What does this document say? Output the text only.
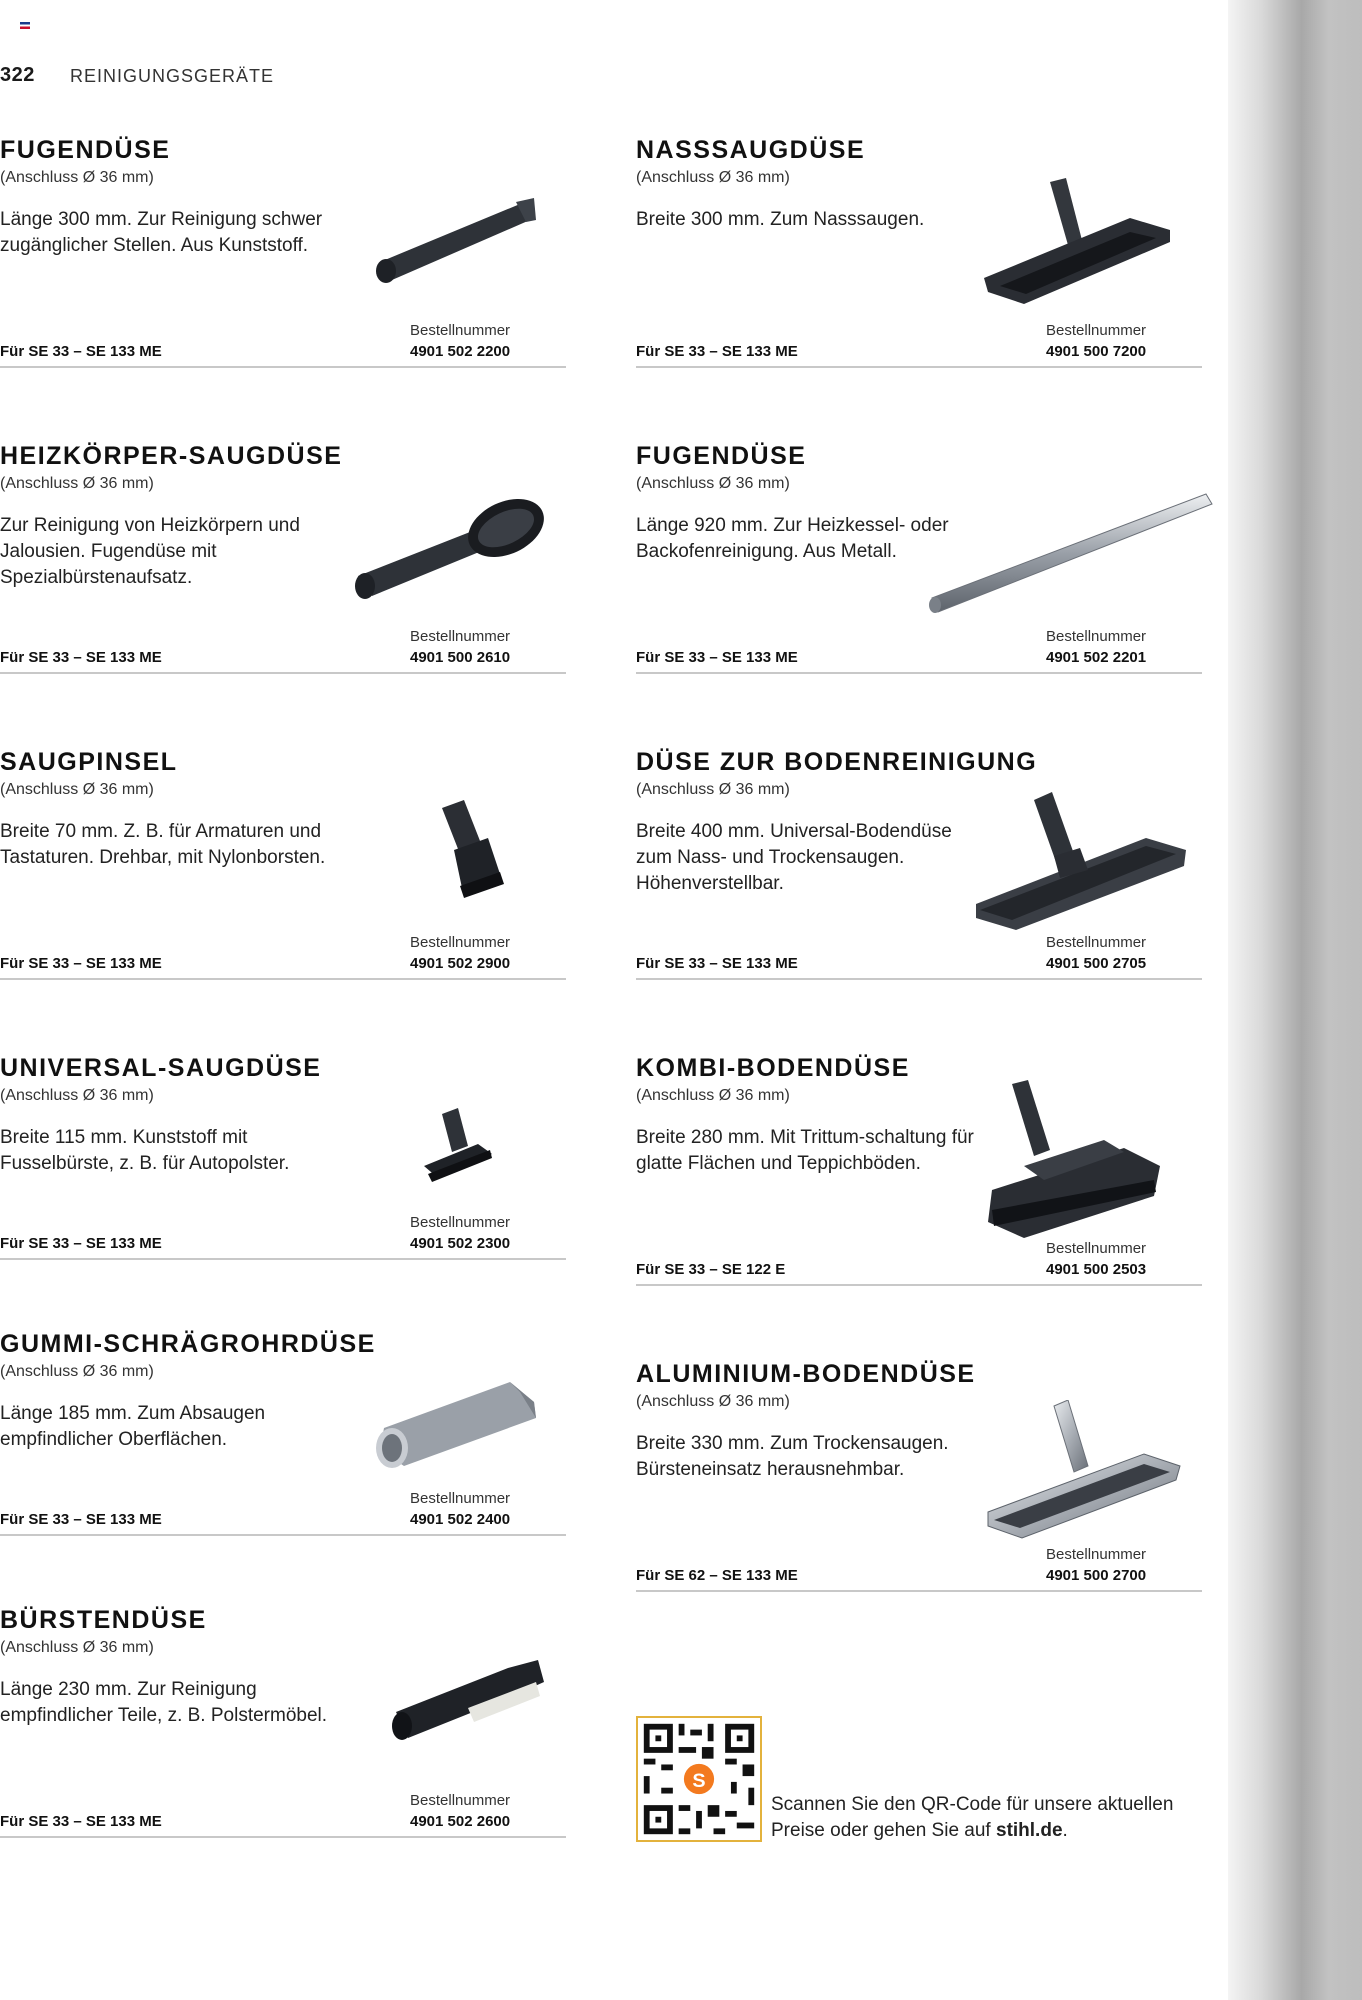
322 REINIGUNGSGERÄTE
FUGENDÜSE
(Anschluss Ø 36 mm)
Länge 300 mm. Zur Reinigung schwer zugänglicher Stellen. Aus Kunststoff.
Für SE 33 – SE 133 ME
Bestellnummer
4901 502 2200
NASSSAUGDÜSE
(Anschluss Ø 36 mm)
Breite 300 mm. Zum Nasssaugen.
Für SE 33 – SE 133 ME
Bestellnummer
4901 500 7200
HEIZKÖRPER-SAUGDÜSE
(Anschluss Ø 36 mm)
Zur Reinigung von Heizkörpern und Jalousien. Fugendüse mit Spezialbürstenaufsatz.
Für SE 33 – SE 133 ME
Bestellnummer
4901 500 2610
FUGENDÜSE
(Anschluss Ø 36 mm)
Länge 920 mm. Zur Heizkessel- oder Backofenreinigung. Aus Metall.
Für SE 33 – SE 133 ME
Bestellnummer
4901 502 2201
SAUGPINSEL
(Anschluss Ø 36 mm)
Breite 70 mm. Z. B. für Armaturen und Tastaturen. Drehbar, mit Nylonborsten.
Für SE 33 – SE 133 ME
Bestellnummer
4901 502 2900
DÜSE ZUR BODENREINIGUNG
(Anschluss Ø 36 mm)
Breite 400 mm. Universal-Bodendüse zum Nass- und Trockensaugen. Höhenverstellbar.
Für SE 33 – SE 133 ME
Bestellnummer
4901 500 2705
UNIVERSAL-SAUGDÜSE
(Anschluss Ø 36 mm)
Breite 115 mm. Kunststoff mit Fusselbürste, z. B. für Autopolster.
Für SE 33 – SE 133 ME
Bestellnummer
4901 502 2300
KOMBI-BODENDÜSE
(Anschluss Ø 36 mm)
Breite 280 mm. Mit Trittum-schaltung für glatte Flächen und Teppichböden.
Für SE 33 – SE 122 E
Bestellnummer
4901 500 2503
GUMMI-SCHRÄGROHRDÜSE
(Anschluss Ø 36 mm)
Länge 185 mm. Zum Absaugen empfindlicher Oberflächen.
Für SE 33 – SE 133 ME
Bestellnummer
4901 502 2400
ALUMINIUM-BODENDÜSE
(Anschluss Ø 36 mm)
Breite 330 mm. Zum Trockensaugen. Bürsteneinsatz herausnehmbar.
Für SE 62 – SE 133 ME
Bestellnummer
4901 500 2700
BÜRSTENDÜSE
(Anschluss Ø 36 mm)
Länge 230 mm. Zur Reinigung empfindlicher Teile, z. B. Polstermöbel.
Für SE 33 – SE 133 ME
Bestellnummer
4901 502 2600
S
Scannen Sie den QR-Code für unsere aktuellen Preise oder gehen Sie auf stihl.de.
